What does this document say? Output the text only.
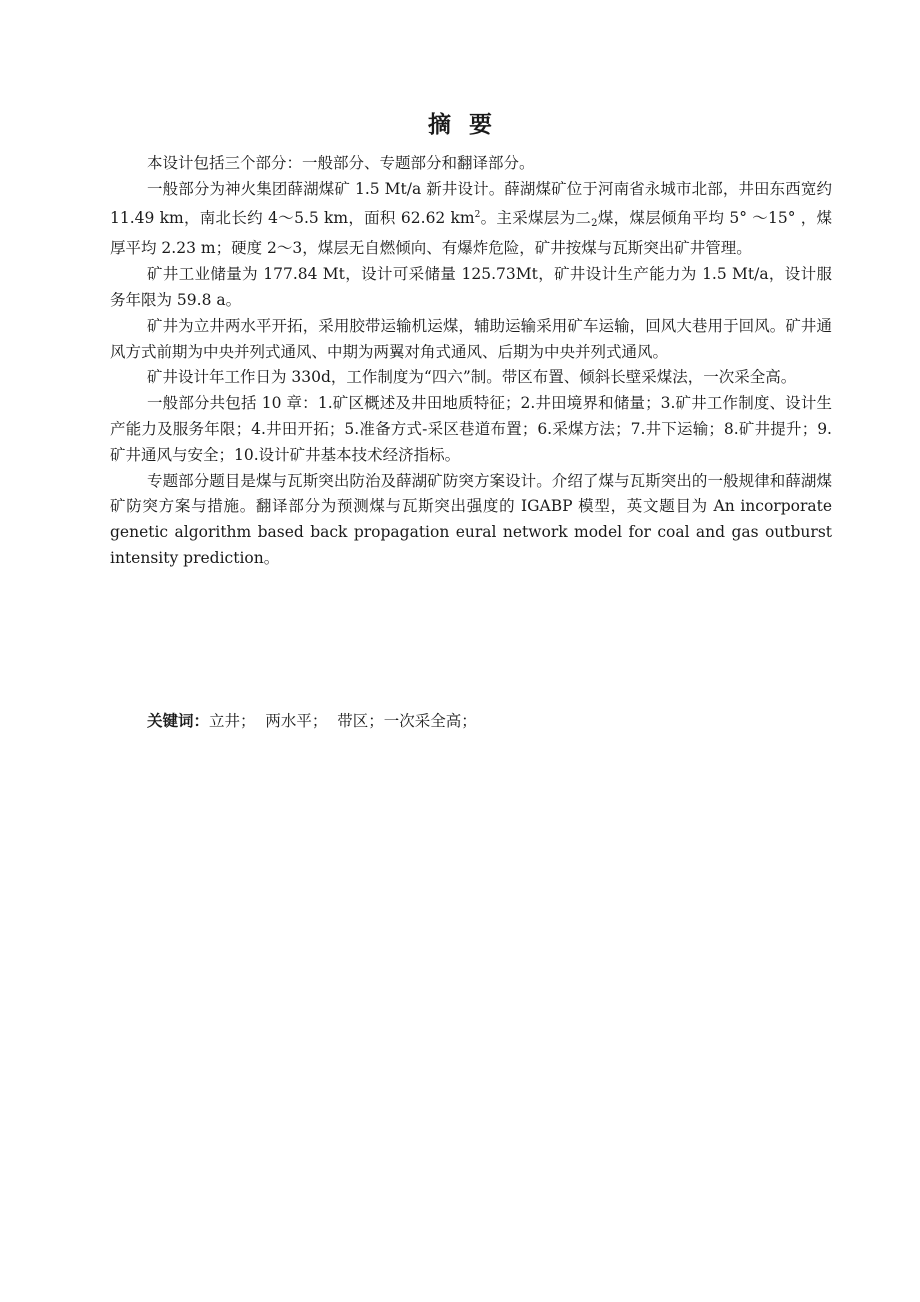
摘要

本设计包括三个部分：一般部分、专题部分和翻译部分。

一般部分为神火集团薛湖煤矿 1.5 Mt/a 新井设计。薛湖煤矿位于河南省永城市北部，井田东西宽约 11.49 km，南北长约 4～5.5 km，面积 62.62 $km^2$。主采煤层为二$_2$煤，煤层倾角平均 5° ～15° ，煤厚平均 2.23 m；硬度 2～3，煤层无自燃倾向、有爆炸危险，矿井按煤与瓦斯突出矿井管理。

矿井工业储量为 177.84 Mt，设计可采储量 125.73Mt，矿井设计生产能力为 1.5 Mt/a，设计服务年限为 59.8 a。

矿井为立井两水平开拓，采用胶带运输机运煤，辅助运输采用矿车运输，回风大巷用于回风。矿井通风方式前期为中央并列式通风、中期为两翼对角式通风、后期为中央并列式通风。

矿井设计年工作日为 330d，工作制度为“四六”制。带区布置、倾斜长壁采煤法，一次采全高。

一般部分共包括 10 章：1.矿区概述及井田地质特征；2.井田境界和储量；3.矿井工作制度、设计生产能力及服务年限；4.井田开拓；5.准备方式-采区巷道布置；6.采煤方法；7.井下运输；8.矿井提升；9.矿井通风与安全；10.设计矿井基本技术经济指标。

专题部分题目是煤与瓦斯突出防治及薛湖矿防突方案设计。介绍了煤与瓦斯突出的一般规律和薛湖煤矿防突方案与措施。翻译部分为预测煤与瓦斯突出强度的 IGABP 模型，英文题目为 An incorporate genetic algorithm based back propagation eural network model for coal and gas outburst intensity prediction。

关键词：立井；  两水平；  带区；一次采全高；
